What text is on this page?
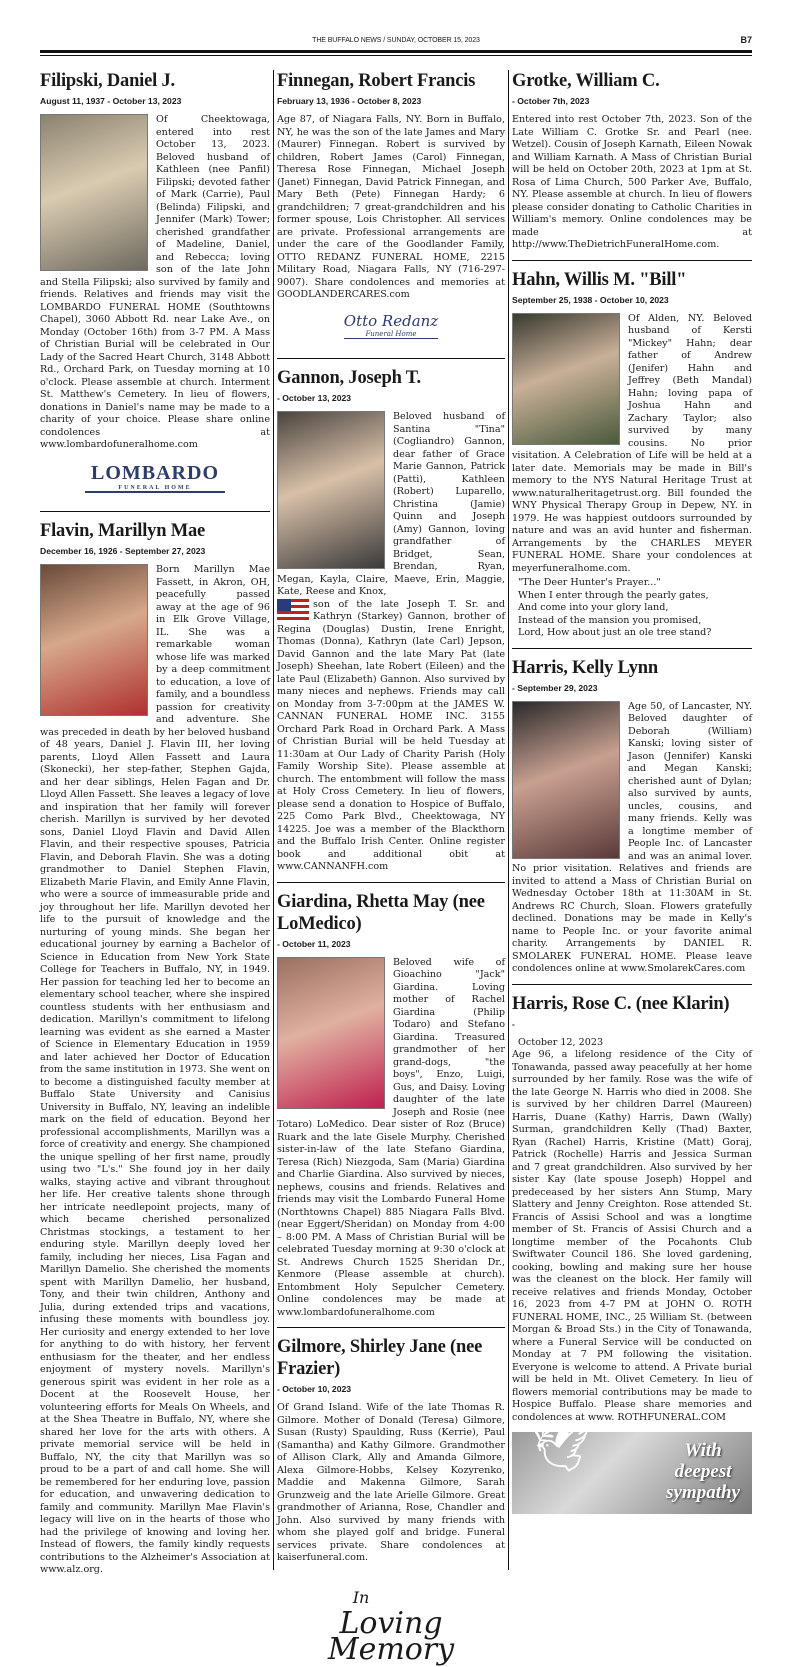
THE BUFFALO NEWS / SUNDAY, OCTOBER 15, 2023	B7
Filipski, Daniel J.
August 11, 1937 - October 13, 2023

Of Cheektowaga, entered into rest October 13, 2023. Beloved husband of Kathleen (nee Panfil) Filipski; devoted father of Mark (Carrie), Paul (Belinda) Filipski, and Jennifer (Mark) Tower; cherished grandfather of Madeline, Daniel, and Rebecca; loving son of the late John and Stella Filipski; also survived by family and friends. Relatives and friends may visit the LOMBARDO FUNERAL HOME (Southtowns Chapel), 3060 Abbott Rd. near Lake Ave., on Monday (October 16th) from 3-7 PM. A Mass of Christian Burial will be celebrated in Our Lady of the Sacred Heart Church, 3148 Abbott Rd., Orchard Park, on Tuesday morning at 10 o'clock. Please assemble at church. Interment St. Matthew's Cemetery. In lieu of flowers, donations in Daniel's name may be made to a charity of your choice. Please share online condolences at www.lombardofuneralhome.com

LOMBARDO
FUNERAL HOME
Flavin, Marillyn Mae
December 16, 1926 - September 27, 2023

Born Marillyn Mae Fassett, in Akron, OH, peacefully passed away at the age of 96 in Elk Grove Village, IL. She was a remarkable woman whose life was marked by a deep commitment to education, a love of family, and a boundless passion for creativity and adventure. She was preceded in death by her beloved husband of 48 years, Daniel J. Flavin III, her loving parents, Lloyd Allen Fassett and Laura (Skonecki), her step-father, Stephen Gajda, and her dear siblings, Helen Fagan and Dr. Lloyd Allen Fassett. She leaves a legacy of love and inspiration that her family will forever cherish. Marillyn is survived by her devoted sons, Daniel Lloyd Flavin and David Allen Flavin, and their respective spouses, Patricia Flavin, and Deborah Flavin. She was a doting grandmother to Daniel Stephen Flavin, Elizabeth Marie Flavin, and Emily Anne Flavin, who were a source of immeasurable pride and joy throughout her life. Marillyn devoted her life to the pursuit of knowledge and the nurturing of young minds. She began her educational journey by earning a Bachelor of Science in Education from New York State College for Teachers in Buffalo, NY, in 1949. Her passion for teaching led her to become an elementary school teacher, where she inspired countless students with her enthusiasm and dedication. Marillyn's commitment to lifelong learning was evident as she earned a Master of Science in Elementary Education in 1959 and later achieved her Doctor of Education from the same institution in 1973. She went on to become a distinguished faculty member at Buffalo State University and Canisius University in Buffalo, NY, leaving an indelible mark on the field of education. Beyond her professional accomplishments, Marillyn was a force of creativity and energy. She championed the unique spelling of her first name, proudly using two "L's." She found joy in her daily walks, staying active and vibrant throughout her life. Her creative talents shone through her intricate needlepoint projects, many of which became cherished personalized Christmas stockings, a testament to her enduring style. Marillyn deeply loved her family, including her nieces, Lisa Fagan and Marillyn Damelio. She cherished the moments spent with Marillyn Damelio, her husband, Tony, and their twin children, Anthony and Julia, during extended trips and vacations, infusing these moments with boundless joy. Her curiosity and energy extended to her love for anything to do with history, her fervent enthusiasm for the theater, and her endless enjoyment of mystery novels. Marillyn's generous spirit was evident in her role as a Docent at the Roosevelt House, her volunteering efforts for Meals On Wheels, and at the Shea Theatre in Buffalo, NY, where she shared her love for the arts with others. A private memorial service will be held in Buffalo, NY, the city that Marillyn was so proud to be a part of and call home. She will be remembered for her enduring love, passion for education, and unwavering dedication to family and community. Marillyn Mae Flavin's legacy will live on in the hearts of those who had the privilege of knowing and loving her. Instead of flowers, the family kindly requests contributions to the Alzheimer's Association at www.alz.org.

Finnegan, Robert Francis
February 13, 1936 - October 8, 2023

Age 87, of Niagara Falls, NY. Born in Buffalo, NY, he was the son of the late James and Mary (Maurer) Finnegan. Robert is survived by children, Robert James (Carol) Finnegan, Theresa Rose Finnegan, Michael Joseph (Janet) Finnegan, David Patrick Finnegan, and Mary Beth (Pete) Finnegan Hardy; 6 grandchildren; 7 great-grandchildren and his former spouse, Lois Christopher. All services are private. Professional arrangements are under the care of the Goodlander Family, OTTO REDANZ FUNERAL HOME, 2215 Military Road, Niagara Falls, NY (716-297-9007). Share condolences and memories at GOODLANDERCARES.com

Otto Redanz
Funeral Home
Gannon, Joseph T.
- October 13, 2023

Beloved husband of Santina "Tina" (Cogliandro) Gannon, dear father of Grace Marie Gannon, Patrick (Patti), Kathleen (Robert) Luparello, Christina (Jamie) Quinn and Joseph (Amy) Gannon, loving grandfather of Bridget, Sean, Brendan, Ryan, Megan, Kayla, Claire, Maeve, Erin, Maggie, Kate, Reese and Knox,

son of the late Joseph T. Sr. and Kathryn (Starkey) Gannon, brother of Regina (Douglas) Dustin, Irene Enright, Thomas (Donna), Kathryn (late Carl) Jepson, David Gannon and the late Mary Pat (late Joseph) Sheehan, late Robert (Eileen) and the late Paul (Elizabeth) Gannon. Also survived by many nieces and nephews. Friends may call on Monday from 3-7:00pm at the JAMES W. CANNAN FUNERAL HOME INC. 3155 Orchard Park Road in Orchard Park. A Mass of Christian Burial will be held Tuesday at 11:30am at Our Lady of Charity Parish (Holy Family Worship Site). Please assemble at church. The entombment will follow the mass at Holy Cross Cemetery. In lieu of flowers, please send a donation to Hospice of Buffalo, 225 Como Park Blvd., Cheektowaga, NY 14225. Joe was a member of the Blackthorn and the Buffalo Irish Center. Online register book and additional obit at www.CANNANFH.com

Giardina, Rhetta May (nee LoMedico)
- October 11, 2023

Beloved wife of Gioachino "Jack" Giardina. Loving mother of Rachel Giardina (Philip Todaro) and Stefano Giardina. Treasured grandmother of her grand-dogs, "the boys", Enzo, Luigi, Gus, and Daisy. Loving daughter of the late Joseph and Rosie (nee Totaro) LoMedico. Dear sister of Roz (Bruce) Ruark and the late Gisele Murphy. Cherished sister-in-law of the late Stefano Giardina, Teresa (Rich) Niezgoda, Sam (Maria) Giardina and Charlie Giardina. Also survived by nieces, nephews, cousins and friends. Relatives and friends may visit the Lombardo Funeral Home (Northtowns Chapel) 885 Niagara Falls Blvd. (near Eggert/Sheridan) on Monday from 4:00 – 8:00 PM. A Mass of Christian Burial will be celebrated Tuesday morning at 9:30 o'clock at St. Andrews Church 1525 Sheridan Dr., Kenmore (Please assemble at church). Entombment Holy Sepulcher Cemetery. Online condolences may be made at www.lombardofuneralhome.com

Gilmore, Shirley Jane (nee Frazier)
- October 10, 2023

Of Grand Island. Wife of the late Thomas R. Gilmore. Mother of Donald (Teresa) Gilmore, Susan (Rusty) Spaulding, Russ (Kerrie), Paul (Samantha) and Kathy Gilmore. Grandmother of Allison Clark, Ally and Amanda Gilmore, Alexa Gilmore-Hobbs, Kelsey Kozyrenko, Maddie and Makenna Gilmore, Sarah Grunzweig and the late Arielle Gilmore. Great grandmother of Arianna, Rose, Chandler and John. Also survived by many friends with whom she played golf and bridge. Funeral services private. Share condolences at kaiserfuneral.com.

In
Loving Memory
Grotke, William C.
- October 7th, 2023

Entered into rest October 7th, 2023. Son of the Late William C. Grotke Sr. and Pearl (nee. Wetzel). Cousin of Joseph Karnath, Eileen Nowak and William Karnath. A Mass of Christian Burial will be held on October 20th, 2023 at 1pm at St. Rosa of Lima Church, 500 Parker Ave, Buffalo, NY. Please assemble at church. In lieu of flowers please consider donating to Catholic Charities in William's memory. Online condolences may be made at http://www.TheDietrichFuneralHome.com.

Hahn, Willis M. "Bill"
September 25, 1938 - October 10, 2023

Of Alden, NY. Beloved husband of Kersti "Mickey" Hahn; dear father of Andrew (Jenifer) Hahn and Jeffrey (Beth Mandal) Hahn; loving papa of Joshua Hahn and Zachary Taylor; also survived by many cousins. No prior visitation. A Celebration of Life will be held at a later date. Memorials may be made in Bill's memory to the NYS Natural Heritage Trust at www.naturalheritagetrust.org. Bill founded the WNY Physical Therapy Group in Depew, NY. in 1979. He was happiest outdoors surrounded by nature and was an avid hunter and fisherman. Arrangements by the CHARLES MEYER FUNERAL HOME. Share your condolences at meyerfuneralhome.com.

"The Deer Hunter's Prayer..."
When I enter through the pearly gates,
And come into your glory land,
Instead of the mansion you promised,
Lord, How about just an ole tree stand?
Harris, Kelly Lynn
- September 29, 2023

Age 50, of Lancaster, NY. Beloved daughter of Deborah (William) Kanski; loving sister of Jason (Jennifer) Kanski and Megan Kanski; cherished aunt of Dylan; also survived by aunts, uncles, cousins, and many friends. Kelly was a longtime member of People Inc. of Lancaster and was an animal lover. No prior visitation. Relatives and friends are invited to attend a Mass of Christian Burial on Wednesday October 18th at 11:30AM in St. Andrews RC Church, Sloan. Flowers gratefully declined. Donations may be made in Kelly's name to People Inc. or your favorite animal charity. Arrangements by DANIEL R. SMOLAREK FUNERAL HOME. Please leave condolences online at www.SmolarekCares.com

Harris, Rose C. (nee Klarin)
-
October 12, 2023

Age 96, a lifelong residence of the City of Tonawanda, passed away peacefully at her home surrounded by her family. Rose was the wife of the late George N. Harris who died in 2008. She is survived by her children Darrel (Maureen) Harris, Duane (Kathy) Harris, Dawn (Wally) Surman, grandchildren Kelly (Thad) Baxter, Ryan (Rachel) Harris, Kristine (Matt) Goraj, Patrick (Rochelle) Harris and Jessica Surman and 7 great grandchildren. Also survived by her sister Kay (late spouse Joseph) Hoppel and predeceased by her sisters Ann Stump, Mary Slattery and Jenny Creighton. Rose attended St. Francis of Assisi School and was a longtime member of St. Francis of Assisi Church and a longtime member of the Pocahonts Club Swiftwater Council 186. She loved gardening, cooking, bowling and making sure her house was the cleanest on the block. Her family will receive relatives and friends Monday, October 16, 2023 from 4-7 PM at JOHN O. ROTH FUNERAL HOME, INC., 25 William St. (between Morgan & Broad Sts.) in the City of Tonawanda, where a Funeral Service will be conducted on Monday at 7 PM following the visitation. Everyone is welcome to attend. A Private burial will be held in Mt. Olivet Cemetery. In lieu of flowers memorial contributions may be made to Hospice Buffalo. Please share memories and condolences at www. ROTHFUNERAL.COM

🕊	With
deepest
sympathy
